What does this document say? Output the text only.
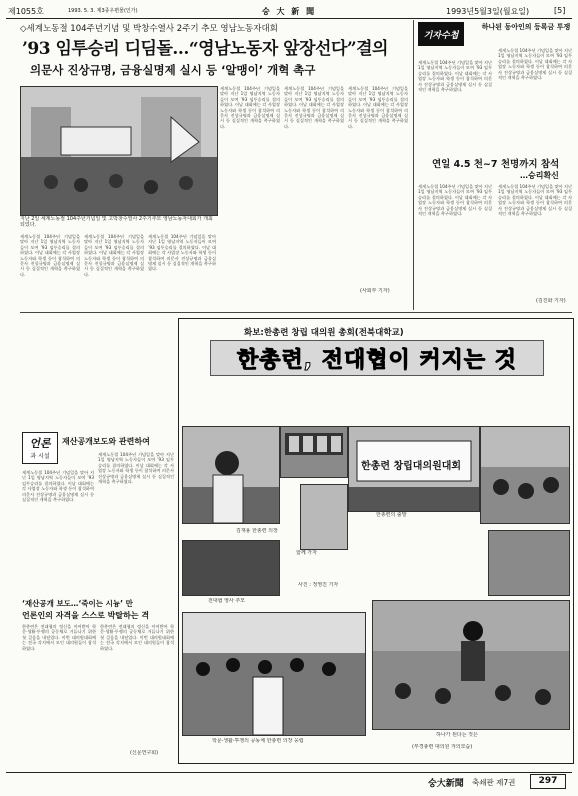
제1055호	1993. 5. 3. 제3종우편물(인가)	숭 大 新 聞	1993년5월3일(월요일)	[5]
◇세계노동절 104주년기념 및 박창수열사 2주기 추모 영남노동자대회
’93 임투승리 디딤돌…“영남노동자 앞장선다”결의
의문사 진상규명, 금융실명제 실시 등 ‘알맹이’ 개혁 촉구
지난 2일 세계노동절 104주년기념일 및 고박창수열사 2주기추모 영남노동자대회가 개최되었다.
세계노동절 104주년 기념일을 맞아 지난 1일 영남지역 노동자들이 모여 ’93 임투승리를 결의하였다. 이날 대회에는 각 사업장 노동자와 학생 등이 참석하여 의문사 진상규명과 금융실명제 실시 등 실질적인 개혁을 촉구하였다.
세계노동절 104주년 기념일을 맞아 지난 1일 영남지역 노동자들이 모여 ’93 임투승리를 결의하였다. 이날 대회에는 각 사업장 노동자와 학생 등이 참석하여 의문사 진상규명과 금융실명제 실시 등 실질적인 개혁을 촉구하였다.
세계노동절 104주년 기념일을 맞아 지난 1일 영남지역 노동자들이 모여 ’93 임투승리를 결의하였다. 이날 대회에는 각 사업장 노동자와 학생 등이 참석하여 의문사 진상규명과 금융실명제 실시 등 실질적인 개혁을 촉구하였다.
(사회부 기자)
세계노동절 104주년 기념일을 맞아 지난 1일 영남지역 노동자들이 모여 ’93 임투승리를 결의하였다. 이날 대회에는 각 사업장 노동자와 학생 등이 참석하여 의문사 진상규명과 금융실명제 실시 등 실질적인 개혁을 촉구하였다.
세계노동절 104주년 기념일을 맞아 지난 1일 영남지역 노동자들이 모여 ’93 임투승리를 결의하였다. 이날 대회에는 각 사업장 노동자와 학생 등이 참석하여 의문사 진상규명과 금융실명제 실시 등 실질적인 개혁을 촉구하였다.
세계노동절 104주년 기념일을 맞아 지난 1일 영남지역 노동자들이 모여 ’93 임투승리를 결의하였다. 이날 대회에는 각 사업장 노동자와 학생 등이 참석하여 의문사 진상규명과 금융실명제 실시 등 실질적인 개혁을 촉구하였다.
기자수첩
하나된 동아인의 등록금 투쟁
세계노동절 104주년 기념일을 맞아 지난 1일 영남지역 노동자들이 모여 ’93 임투승리를 결의하였다. 이날 대회에는 각 사업장 노동자와 학생 등이 참석하여 의문사 진상규명과 금융실명제 실시 등 실질적인 개혁을 촉구하였다.
세계노동절 104주년 기념일을 맞아 지난 1일 영남지역 노동자들이 모여 ’93 임투승리를 결의하였다. 이날 대회에는 각 사업장 노동자와 학생 등이 참석하여 의문사 진상규명과 금융실명제 실시 등 실질적인 개혁을 촉구하였다.
연일 4.5 천~7 천명까지 참석
…승리확신
세계노동절 104주년 기념일을 맞아 지난 1일 영남지역 노동자들이 모여 ’93 임투승리를 결의하였다. 이날 대회에는 각 사업장 노동자와 학생 등이 참석하여 의문사 진상규명과 금융실명제 실시 등 실질적인 개혁을 촉구하였다.
세계노동절 104주년 기념일을 맞아 지난 1일 영남지역 노동자들이 모여 ’93 임투승리를 결의하였다. 이날 대회에는 각 사업장 노동자와 학생 등이 참석하여 의문사 진상규명과 금융실명제 실시 등 실질적인 개혁을 촉구하였다.
(김진화 기자)
언론
과 시설
재산공개보도와 관련하여
세계노동절 104주년 기념일을 맞아 지난 1일 영남지역 노동자들이 모여 ’93 임투승리를 결의하였다. 이날 대회에는 각 사업장 노동자와 학생 등이 참석하여 의문사 진상규명과 금융실명제 실시 등 실질적인 개혁을 촉구하였다.
세계노동절 104주년 기념일을 맞아 지난 1일 영남지역 노동자들이 모여 ’93 임투승리를 결의하였다. 이날 대회에는 각 사업장 노동자와 학생 등이 참석하여 의문사 진상규명과 금융실명제 실시 등 실질적인 개혁을 촉구하였다.
‘재산공개 보도…‘죽이는 시늉’ 만
언론인의 자격을 스스로 박탈하는 격
한총련은 전대협의 정신을 이어받아 학문·생활·투쟁의 공동체로 거듭나기 위한 첫 걸음을 내딛었다. 이번 대의원대회에는 전국 각지에서 모인 대의원들이 참석하였다.
한총련은 전대협의 정신을 이어받아 학문·생활·투쟁의 공동체로 거듭나기 위한 첫 걸음을 내딛었다. 이번 대의원대회에는 전국 각지에서 모인 대의원들이 참석하였다.
(신문연구회)
화보:한총련 창립 대의원 총회(전북대학교)
한총련, 전대협이 커지는 것
한총련 창립대의원대회
김재용 한총련 의장
한총련의 출발
함께 가자
사진 : 정영진 기자
전대협 영사 추모
학문·생활·투쟁의 공동체 한총련 의장 옹립
하나가 된다는 것은
(부경총련 대의원 겨의모습)
숭大新聞 축쇄판 제7권	297
